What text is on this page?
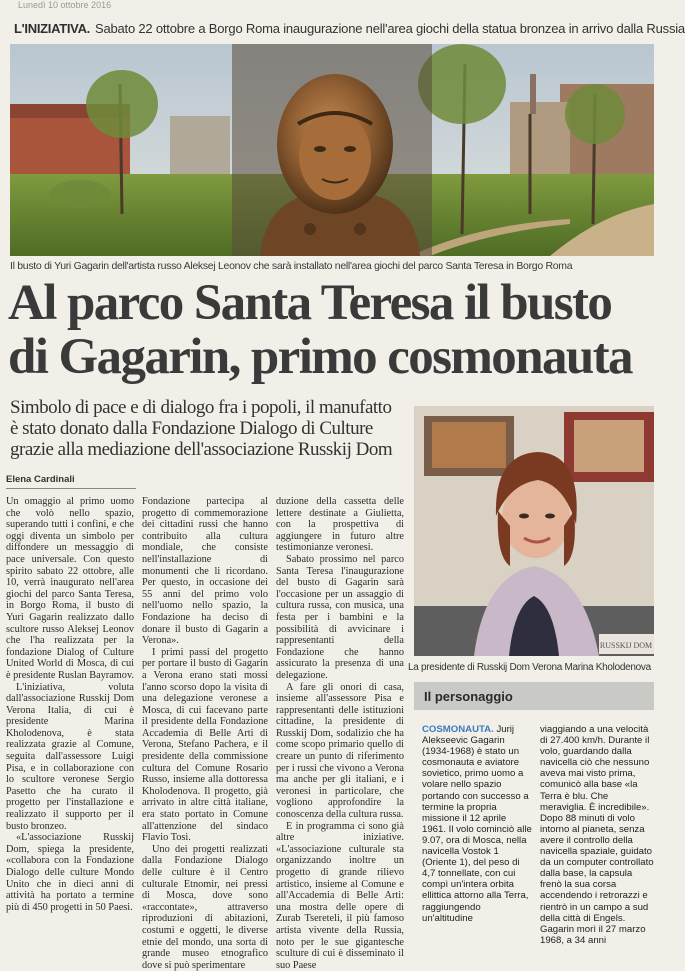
Lunedì 10 ottobre 2016
L'INIZIATIVA. Sabato 22 ottobre a Borgo Roma inaugurazione nell'area giochi della statua bronzea in arrivo dalla Russia
Il busto di Yuri Gagarin dell'artista russo Aleksej Leonov che sarà installato nell'area giochi del parco Santa Teresa in Borgo Roma
Al parco Santa Teresa il busto
di Gagarin, primo cosmonauta
Simbolo di pace e di dialogo fra i popoli, il manufatto
è stato donato dalla Fondazione Dialogo di Culture
grazie alla mediazione dell'associazione Russkij Dom
Elena Cardinali

Un omaggio al primo uomo che volò nello spazio, superando tutti i confini, e che oggi diventa un simbolo per diffondere un messaggio di pace universale. Con questo spirito sabato 22 ottobre, alle 10, verrà inaugurato nell'area giochi del parco Santa Teresa, in Borgo Roma, il busto di Yuri Gagarin realizzato dallo scultore russo Aleksej Leonov che l'ha realizzata per la fondazione Dialog of Culture United World di Mosca, di cui è presidente Ruslan Bayramov.

L'iniziativa, voluta dall'associazione Russkij Dom Verona Italia, di cui è presidente Marina Kholodenova, è stata realizzata grazie al Comune, seguita dall'assessore Luigi Pisa, e in collaborazione con lo scultore veronese Sergio Pasetto che ha curato il progetto per l'installazione e realizzato il supporto per il busto bronzeo.

«L'associazione Russkij Dom, spiega la presidente, «collabora con la Fondazione Dialogo delle culture Mondo Unito che in dieci anni di attività ha portato a termine più di 450 progetti in 50 Paesi.

Fondazione partecipa al progetto di commemorazione dei cittadini russi che hanno contribuito alla cultura mondiale, che consiste nell'installazione di monumenti che li ricordano. Per questo, in occasione dei 55 anni del primo volo nell'uomo nello spazio, la Fondazione ha deciso di donare il busto di Gagarin a Verona».

I primi passi del progetto per portare il busto di Gagarin a Verona erano stati mossi l'anno scorso dopo la visita di una delegazione veronese a Mosca, di cui facevano parte il presidente della Fondazione Accademia di Belle Arti di Verona, Stefano Pachera, e il presidente della commissione cultura del Comune Rosario Russo, insieme alla dottoressa Kholodenova. Il progetto, già arrivato in altre città italiane, era stato portato in Comune all'attenzione del sindaco Flavio Tosi.

Uno dei progetti realizzati dalla Fondazione Dialogo delle culture è il Centro culturale Etnomir, nei pressi di Mosca, dove sono «raccontate», attraverso riproduzioni di abitazioni, costumi e oggetti, le diverse etnie del mondo, una sorta di grande museo etnografico dove si può sperimentare

duzione della cassetta delle lettere destinate a Giulietta, con la prospettiva di aggiungere in futuro altre testimonianze veronesi.

Sabato prossimo nel parco Santa Teresa l'inaugurazione del busto di Gagarin sarà l'occasione per un assaggio di cultura russa, con musica, una festa per i bambini e la possibilità di avvicinare i rappresentanti della Fondazione che hanno assicurato la presenza di una delegazione.

A fare gli onori di casa, insieme all'assessore Pisa e rappresentanti delle istituzioni cittadine, la presidente di Russkij Dom, sodalizio che ha come scopo primario quello di creare un punto di riferimento per i russi che vivono a Verona ma anche per gli italiani, e i veronesi in particolare, che vogliono approfondire la conoscenza della cultura russa.

E in programma ci sono già altre iniziative. «L'associazione culturale sta organizzando inoltre un progetto di grande rilievo artistico, insieme al Comune e all'Accademia di Belle Arti: una mostra delle opere di Zurab Tsereteli, il più famoso artista vivente della Russia, noto per le sue gigantesche sculture di cui è disseminato il suo Paese

RUSSKIJ DOM
La presidente di Russkij Dom Verona Marina Kholodenova
Il personaggio
COSMONAUTA. Jurij Alekseevic Gagarin (1934-1968) è stato un cosmonauta e aviatore sovietico, primo uomo a volare nello spazio portando con successo a termine la propria missione il 12 aprile 1961. Il volo cominciò alle 9.07, ora di Mosca, nella navicella Vostok 1 (Oriente 1), del peso di 4,7 tonnellate, con cui compì un'intera orbita ellittica attorno alla Terra, raggiungendo un'altitudine
viaggiando a una velocità di 27.400 km/h. Durante il volo, guardando dalla navicella ciò che nessuno aveva mai visto prima, comunicò alla base «la Terra è blu. Che meraviglia. È incredibile». Dopo 88 minuti di volo intorno al pianeta, senza avere il controllo della navicella spaziale, guidato da un computer controllato dalla base, la capsula frenò la sua corsa accendendo i retrorazzi e rientrò in un campo a sud della città di Engels. Gagarin morì il 27 marzo 1968, a 34 anni
